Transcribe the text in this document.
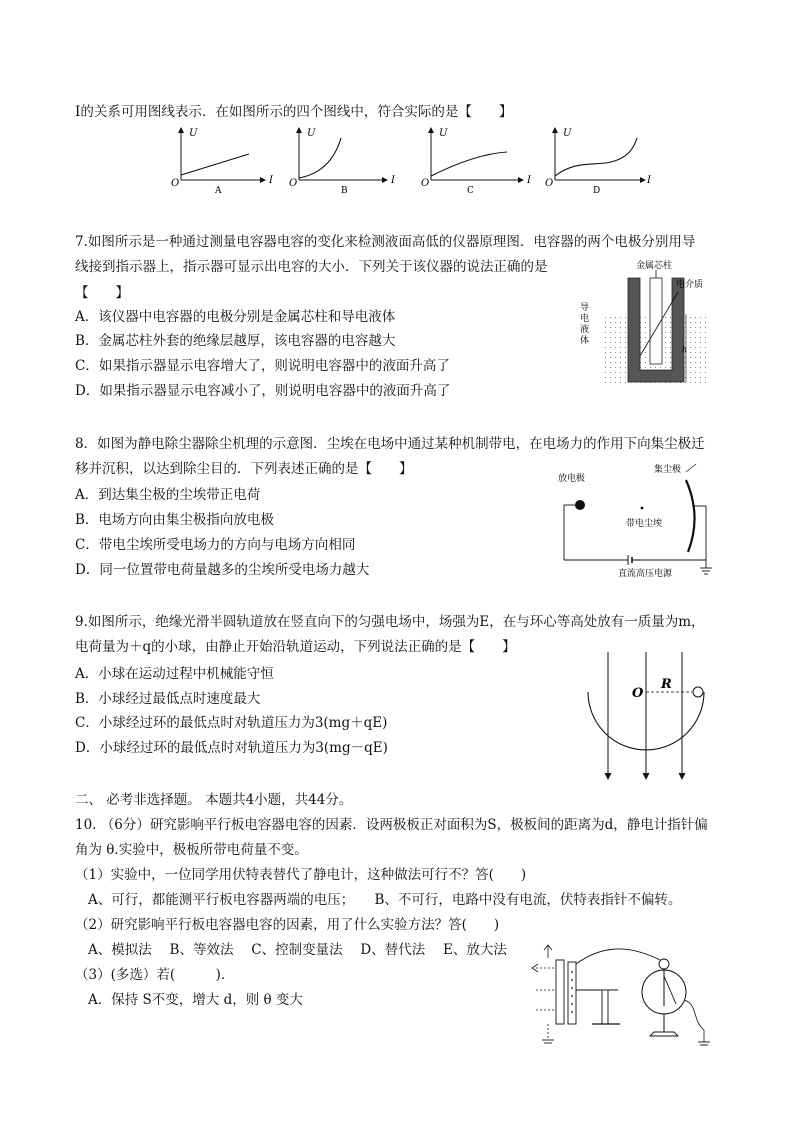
I的关系可用图线表示．在如图所示的四个图线中，符合实际的是【　　】
U
I
O
A
U
I
O
B
U
I
O
C
U
I
O
D
7.如图所示是一种通过测量电容器电容的变化来检测液面高低的仪器原理图．电容器的两个电极分别用导
线接到指示器上，指示器可显示出电容的大小．下列关于该仪器的说法正确的是
【　　】
A．该仪器中电容器的电极分别是金属芯柱和导电液体
B．金属芯柱外套的绝缘层越厚，该电容器的电容越大
C．如果指示器显示电容增大了，则说明电容器中的液面升高了
D．如果指示器显示电容减小了，则说明电容器中的液面升高了
h
金属芯柱
电介质
导
电
液
体
8．如图为静电除尘器除尘机理的示意图．尘埃在电场中通过某种机制带电，在电场力的作用下向集尘极迁
移并沉积，以达到除尘目的．下列表述正确的是【　　】
A．到达集尘极的尘埃带正电荷
B．电场方向由集尘极指向放电极
C．带电尘埃所受电场力的方向与电场方向相同
D．同一位置带电荷量越多的尘埃所受电场力越大
放电极
集尘极
带电尘埃
直流高压电源
9.如图所示，绝缘光滑半圆轨道放在竖直向下的匀强电场中，场强为E，在与环心等高处放有一质量为m，
电荷量为＋q的小球，由静止开始沿轨道运动，下列说法正确的是【　　】
A．小球在运动过程中机械能守恒
B．小球经过最低点时速度最大
C．小球经过环的最低点时对轨道压力为3(mg＋qE)
D．小球经过环的最低点时对轨道压力为3(mg－qE)
O
R
二、 必考非选择题。 本题共4小题，共44分。
10. （6分）研究影响平行板电容器电容的因素．设两极板正对面积为S，极板间的距离为d，静电计指针偏
角为 θ.实验中，极板所带电荷量不变。
（1）实验中，一位同学用伏特表替代了静电计，这种做法可行不？答(　　)
A、可行，都能测平行板电容器两端的电压；　　B、不可行，电路中没有电流，伏特表指针不偏转。
（2）研究影响平行板电容器电容的因素，用了什么实验方法？答(　　)
A、模拟法　 B、等效法　 C、控制变量法　 D、替代法　 E、放大法
（3）(多选）若(　　　)．
A．保持 S不变，增大 d，则 θ 变大
